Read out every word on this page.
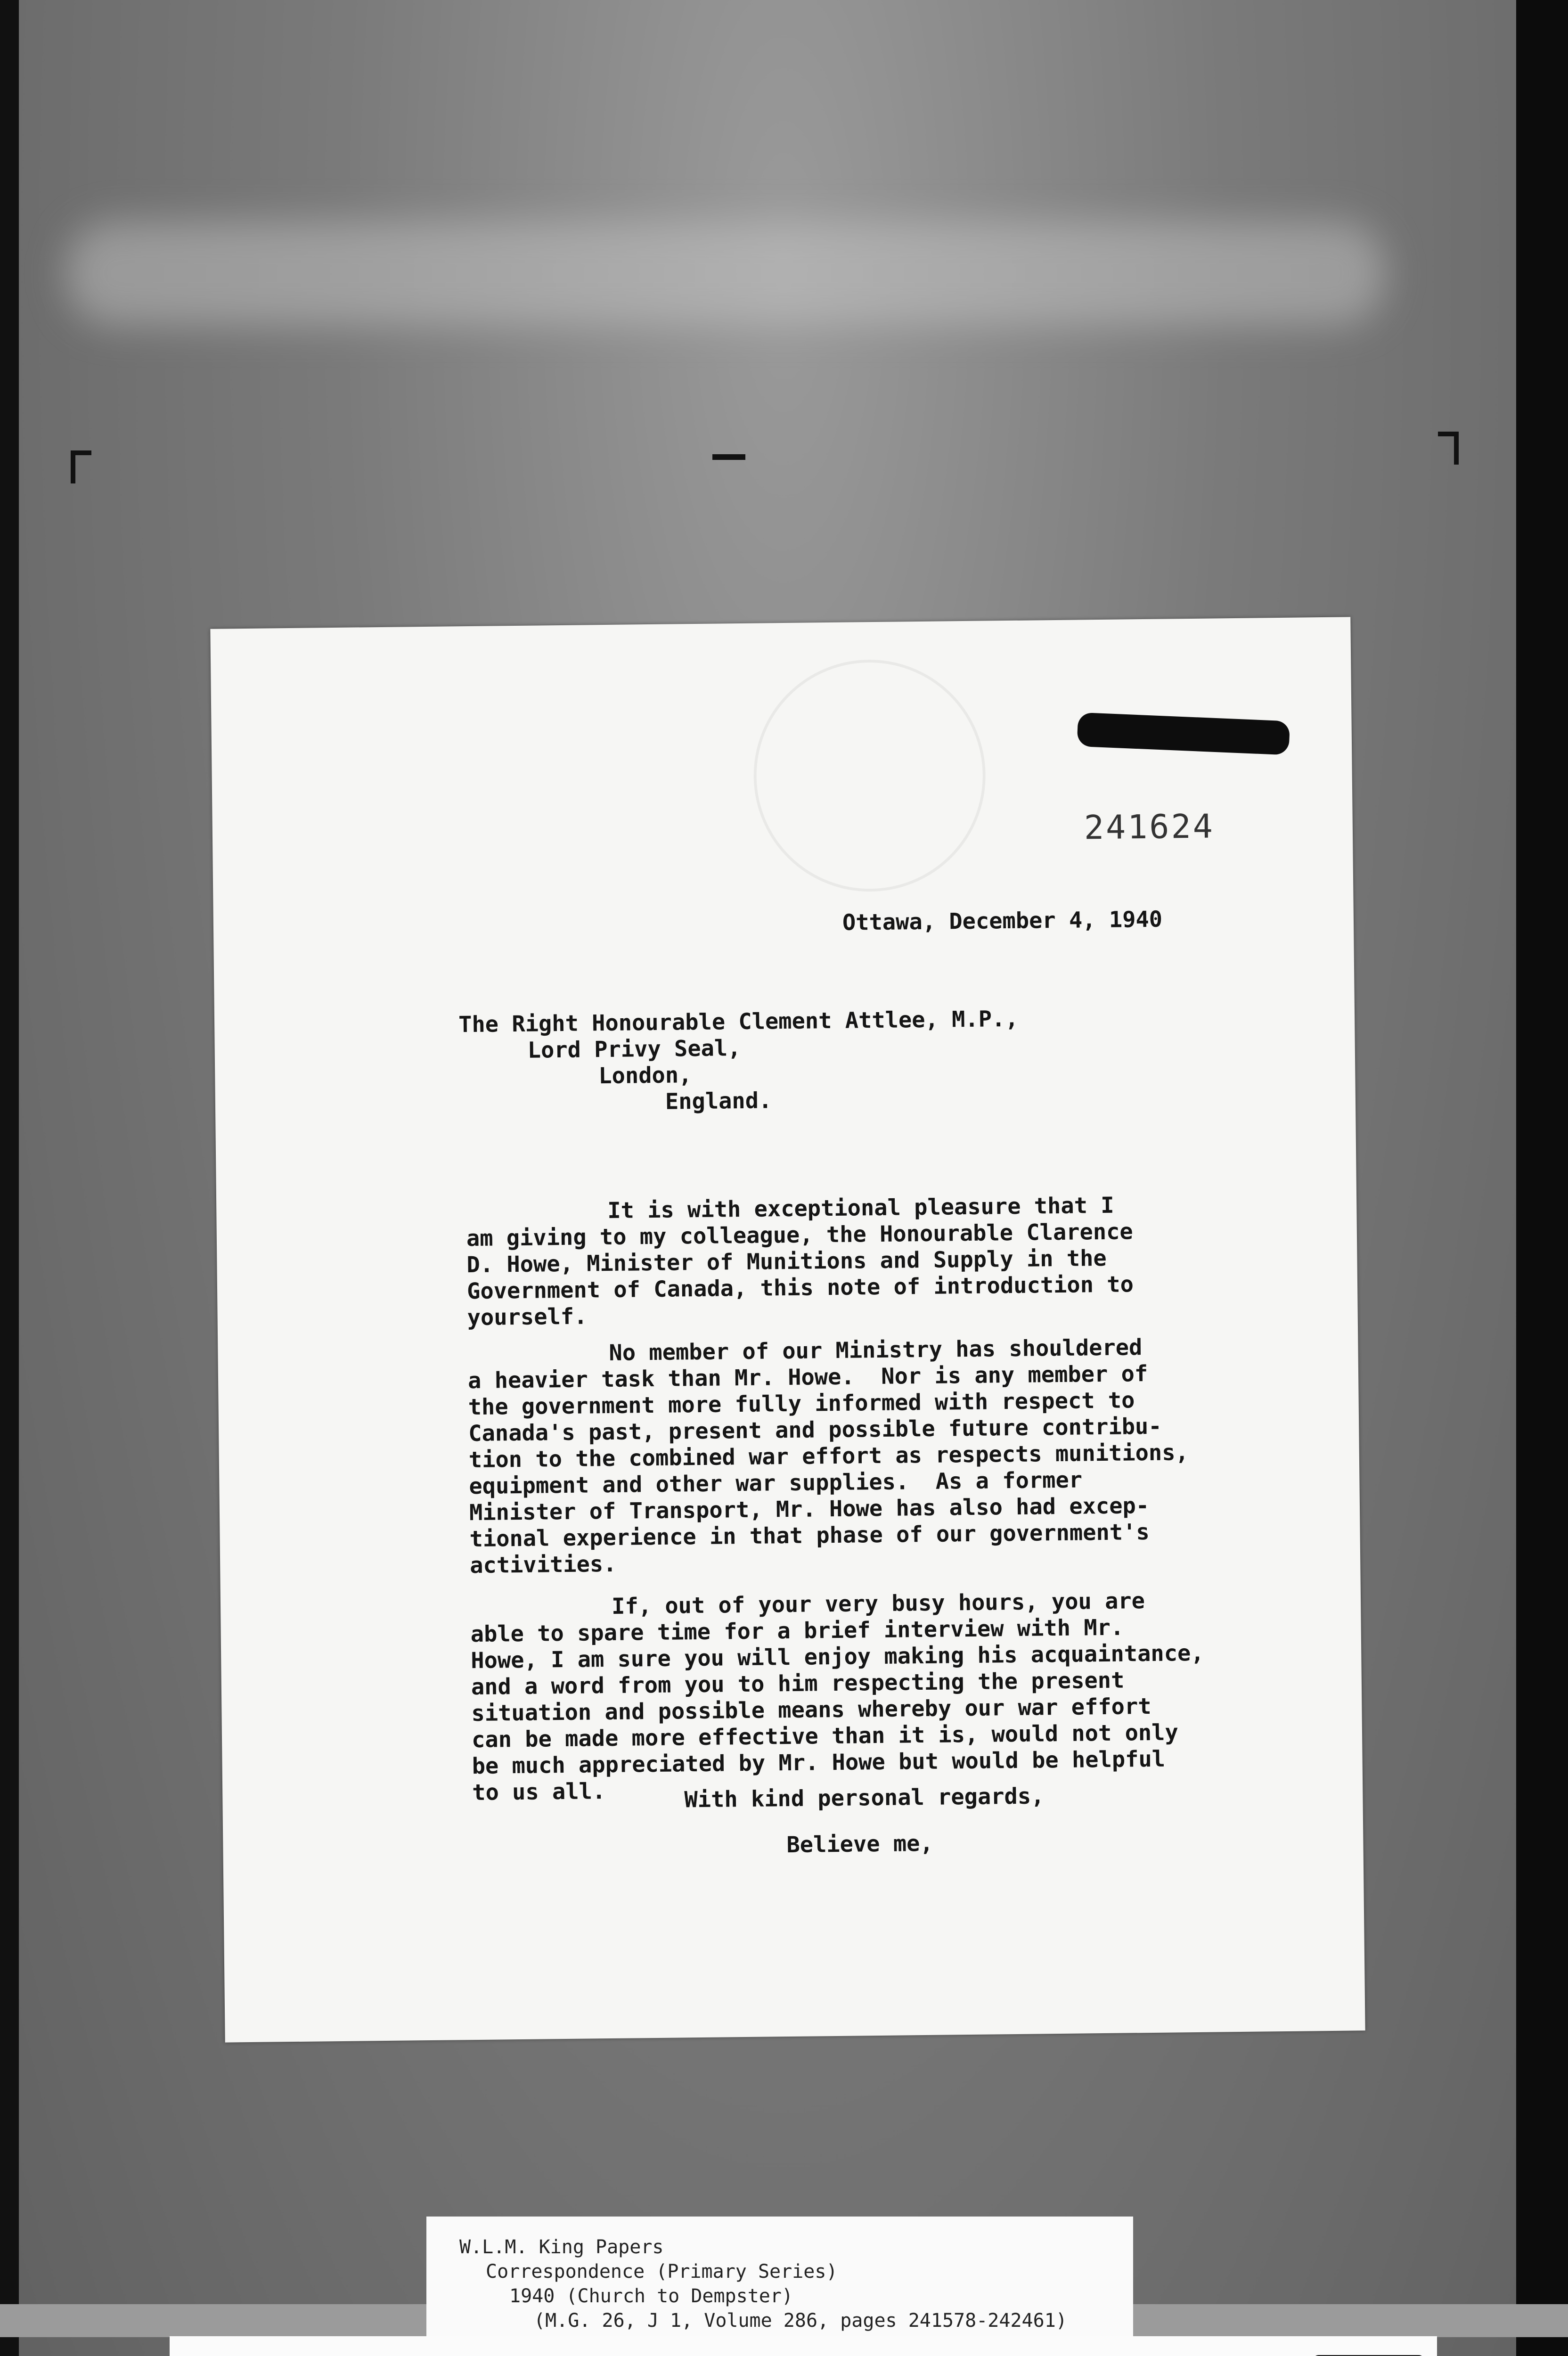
241624
Ottawa, December 4, 1940
The Right Honourable Clement Attlee, M.P.,
Lord Privy Seal,
London,
England.
It is with exceptional pleasure that I
am giving to my colleague, the Honourable Clarence
D. Howe, Minister of Munitions and Supply in the
Government of Canada, this note of introduction to
yourself.
No member of our Ministry has shouldered
a heavier task than Mr. Howe.  Nor is any member of
the government more fully informed with respect to
Canada's past, present and possible future contribu-
tion to the combined war effort as respects munitions,
equipment and other war supplies.  As a former
Minister of Transport, Mr. Howe has also had excep-
tional experience in that phase of our government's
activities.
If, out of your very busy hours, you are
able to spare time for a brief interview with Mr.
Howe, I am sure you will enjoy making his acquaintance,
and a word from you to him respecting the present
situation and possible means whereby our war effort
can be made more effective than it is, would not only
be much appreciated by Mr. Howe but would be helpful
to us all.	With kind personal regards,
Believe me,
W.L.M. King Papers
Correspondence (Primary Series)
1940 (Church to Dempster)
(M.G. 26, J 1, Volume 286, pages 241578-242461)
